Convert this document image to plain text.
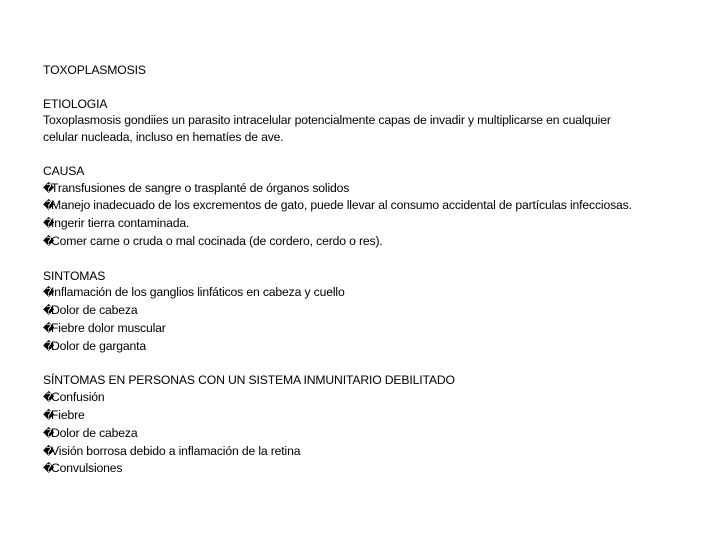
TOXOPLASMOSIS
ETIOLOGIA
Toxoplasmosis gondiies un parasito intracelular potencialmente capas de invadir y multiplicarse en cualquier
celular nucleada, incluso en hematíes de ave.
CAUSA
�
Transfusiones de sangre o trasplanté de órganos solidos
�
Manejo inadecuado de los excrementos de gato, puede llevar al consumo accidental de partículas infecciosas.
�
Ingerir tierra contaminada.
�
Comer carne o cruda o mal cocinada (de cordero, cerdo o res).
SINTOMAS
�
Inflamación de los ganglios linfáticos en cabeza y cuello
�
Dolor de cabeza
�
Fiebre dolor muscular
�
Dolor de garganta
SÍNTOMAS EN PERSONAS CON UN SISTEMA INMUNITARIO DEBILITADO
�
Confusión
�
Fiebre
�
Dolor de cabeza
�
Visión borrosa debido a inflamación de la retina
�
Convulsiones
